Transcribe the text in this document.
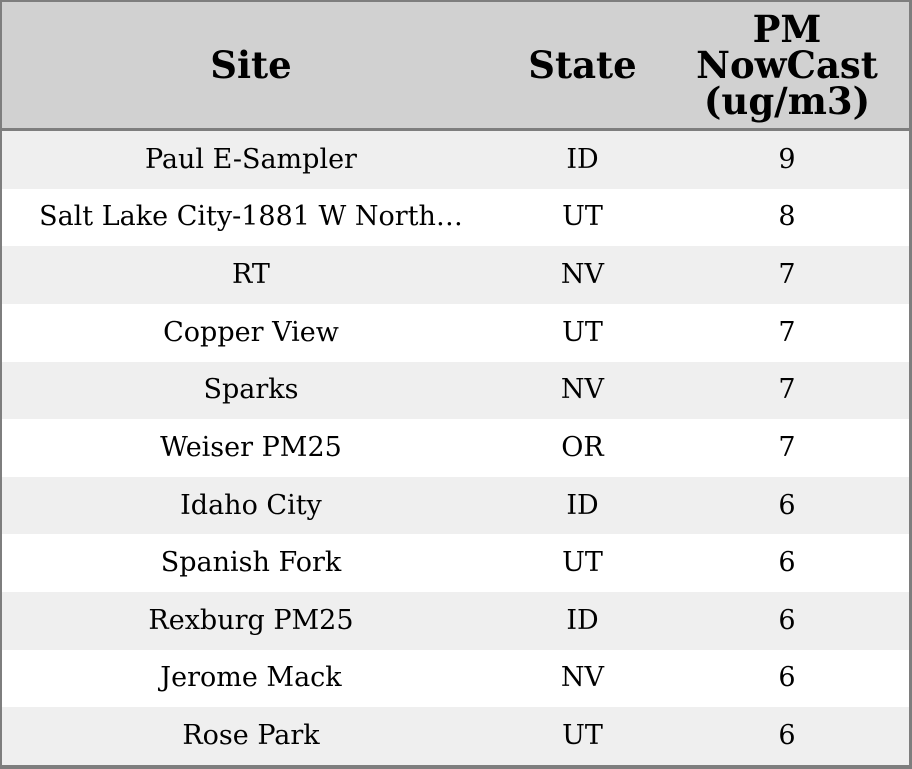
Site	State	PM
NowCast
(ug/m3)

Paul E-Sampler	ID	9
Salt Lake City-1881 W North…	UT	8
RT	NV	7
Copper View	UT	7
Sparks	NV	7
Weiser PM25	OR	7
Idaho City	ID	6
Spanish Fork	UT	6
Rexburg PM25	ID	6
Jerome Mack	NV	6
Rose Park	UT	6
